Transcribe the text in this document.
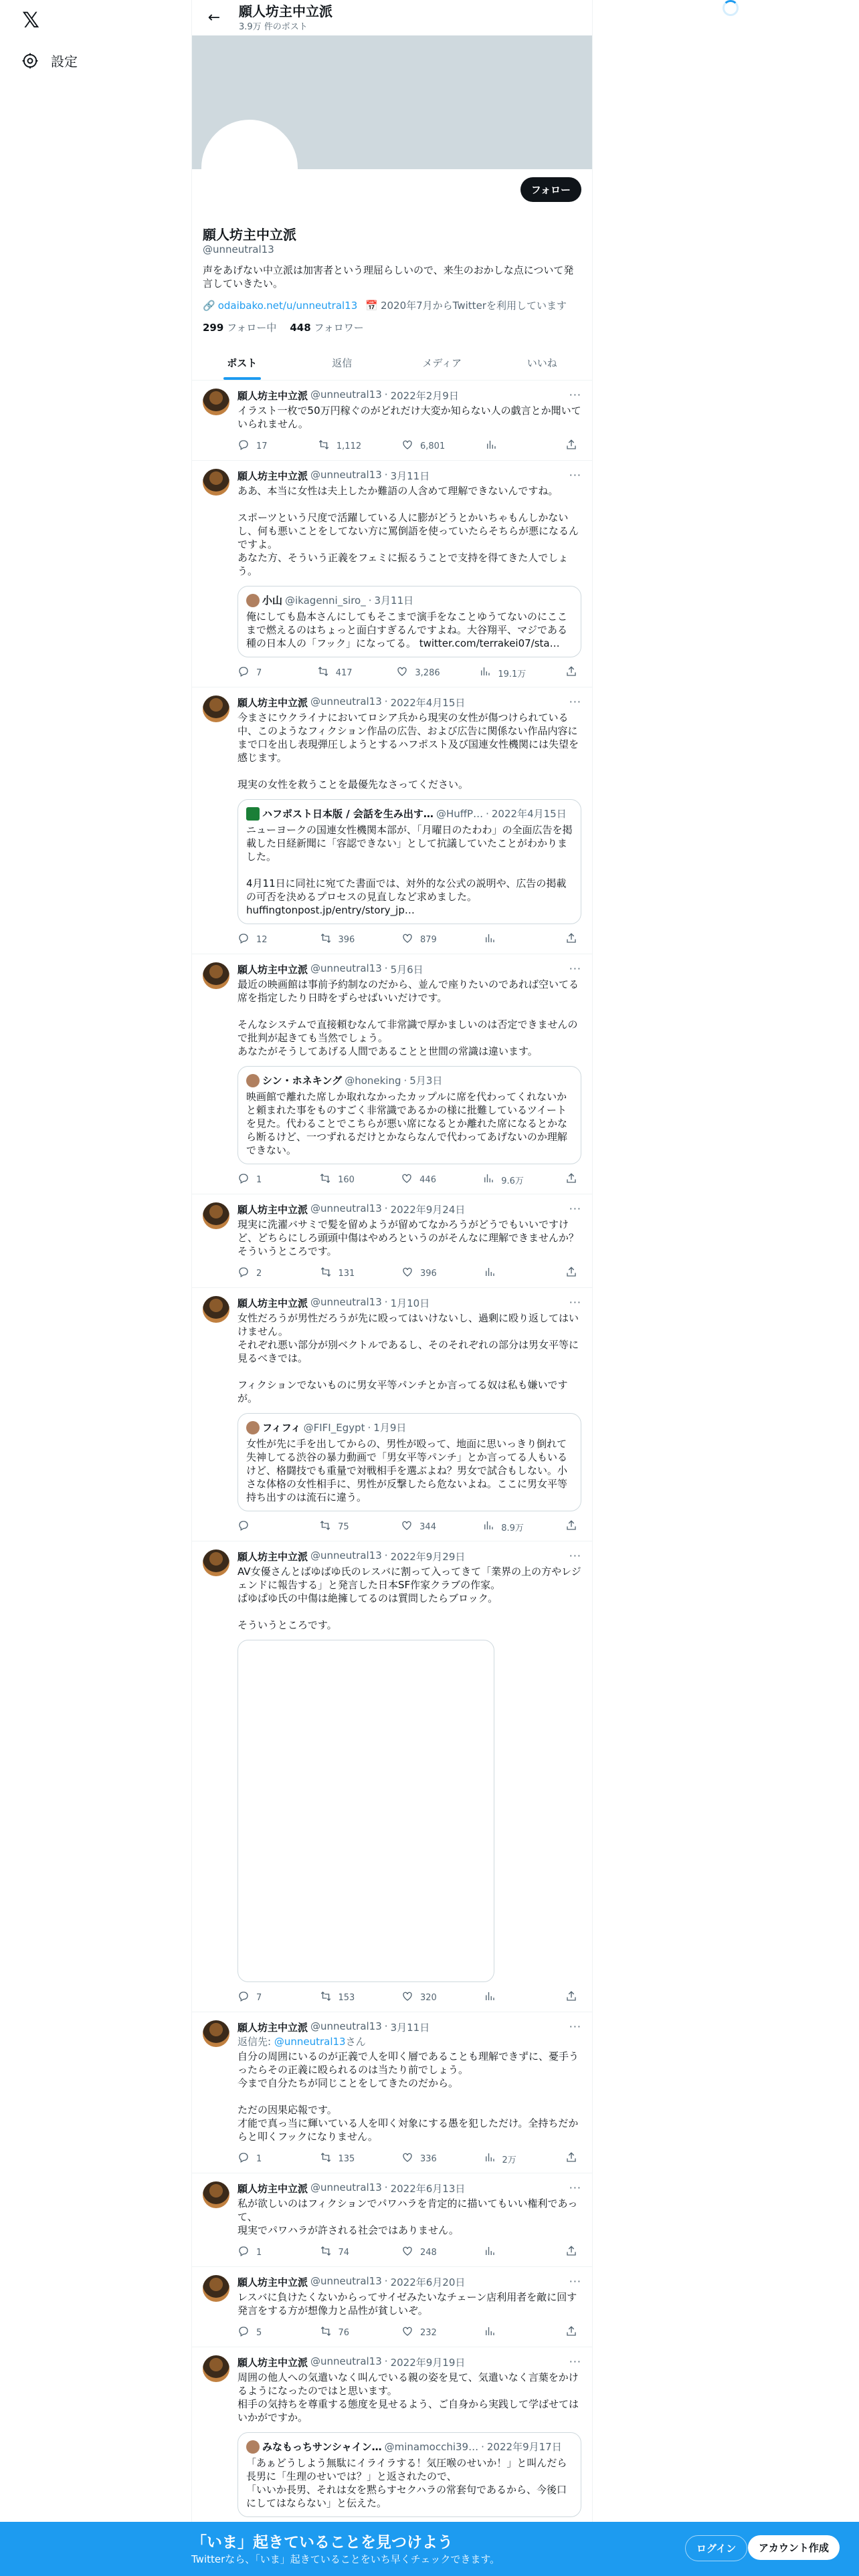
𝕏
設定
←	願人坊主中立派
3.9万 件のポスト
フォロー
願人坊主中立派
@unneutral13
声をあげない中立派は加害者という理屈らしいので、来生のおかしな点について発言していきたい。
🔗 odaibako.net/u/unneutral13 📅 2020年7月からTwitterを利用しています
299 フォロー中 448 フォロワー
ポスト	返信	メディア	いいね
願人坊主中立派 @unneutral13 · 2022年2月9日
イラスト一枚で50万円稼ぐのがどれだけ大変か知らない人の戯言とか聞いていられません。
17	1,112	6,801
···
願人坊主中立派 @unneutral13 · 3月11日
ああ、本当に女性は夫上したか難語の人含めて理解できないんですね。

スポーツという尺度で活躍している人に膨がどうとかいちゃもんしかない し、何も悪いことをしてない方に罵倒語を使っていたらそちらが悪になるん ですよ。
あなた方、そういう正義をフェミに振るうことで支持を得てきた人でしょう。
小山 @ikagenni_siro_ · 3月11日
俺にしても島本さんにしてもそこまで演手をなことゆうてないのにここまで燃えるのはちょっと面白すぎるんですよね。大谷翔平、マジである種の日本人の「フック」になってる。 twitter.com/terrakei07/sta…
7	417	3,286	19.1万
···
願人坊主中立派 @unneutral13 · 2022年4月15日
今まさにウクライナにおいてロシア兵から現実の女性が傷つけられている中、このようなフィクション作品の広告、および広告に関係ない作品内容にまで口を出し表現弾圧しようとするハフポスト及び国連女性機関には失望を感じます。

現実の女性を救うことを最優先なさってください。
ハフポスト日本版 / 会話を生み出す… @HuffP… · 2022年4月15日
ニューヨークの国連女性機関本部が、「月曜日のたわわ」の全面広告を掲載した日経新聞に「容認できない」として抗議していたことがわかりました。

4月11日に同社に宛てた書面では、対外的な公式の説明や、広告の掲載の可否を決めるプロセスの見直しなど求めました。
huffingtonpost.jp/entry/story_jp…
12	396	879
···
願人坊主中立派 @unneutral13 · 5月6日
最近の映画館は事前予約制なのだから、並んで座りたいのであれば空いてる席を指定したり日時をずらせばいいだけです。

そんなシステムで直接頼むなんて非常識で厚かましいのは否定できませんので批判が起きても当然でしょう。
あなたがそうしてあげる人間であることと世間の常識は違います。
シン・ホネキング @honeking · 5月3日
映画館で離れた席しか取れなかったカップルに席を代わってくれないかと頼まれた事をものすごく非常識であるかの様に批難しているツイートを見た。代わることでこちらが悪い席になるとか離れた席になるとかなら断るけど、一つずれるだけとかならなんで代わってあげないのか理解できない。
1	160	446	9.6万
···
願人坊主中立派 @unneutral13 · 2022年9月24日
現実に洗濯バサミで髪を留めようが留めてなかろうがどうでもいいですけど、どちらにしろ頭頭中傷はやめろというのがそんなに理解できませんか？
そういうところです。
2	131	396
···
願人坊主中立派 @unneutral13 · 1月10日
女性だろうが男性だろうが先に殴ってはいけないし、過剰に殴り返してはいけません。
それぞれ悪い部分が別ベクトルであるし、そのそれぞれの部分は男女平等に見るべきでは。

フィクションでないものに男女平等パンチとか言ってる奴は私も嫌いですが。
フィフィ @FIFI_Egypt · 1月9日
女性が先に手を出してからの、男性が殴って、地面に思いっきり倒れて失神してる渋谷の暴力動画で「男女平等パンチ」とか言ってる人もいるけど、格闘技でも重量で対戦相手を選ぶよね？男女で試合もしない。小さな体格の女性相手に、男性が反撃したら危ないよね。ここに男女平等持ち出すのは流石に違う。
75	344	8.9万
···
願人坊主中立派 @unneutral13 · 2022年9月29日
AV女優さんとばゆばゆ氏のレスバに割って入ってきて「業界の上の方やレジェンドに報告する」と発言した日本SF作家クラブの作家。
ぱゆぱゆ氏の中傷は絶擁してるのは質問したらブロック。

そういうところです。
7	153	320
···
願人坊主中立派 @unneutral13 · 3月11日
返信先: @unneutral13さん
自分の周囲にいるのが正義で人を叩く層であることも理解できずに、憂手うったらその正義に殴られるのは当たり前でしょう。
今まで自分たちが同じことをしてきたのだから。

ただの因果応報です。
才能で真っ当に輝いている人を叩く対象にする愚を犯しただけ。全持ちだからと叩くフックになりません。
1	135	336	2万
···
願人坊主中立派 @unneutral13 · 2022年6月13日
私が欲しいのはフィクションでパワハラを肯定的に描いてもいい権利であって、
現実でパワハラが許される社会ではありません。
1	74	248
···
願人坊主中立派 @unneutral13 · 2022年6月20日
レスバに負けたくないからってサイゼみたいなチェーン店利用者を敵に回す発言をする方が想像力と品性が貧しいぞ。
5	76	232
···
願人坊主中立派 @unneutral13 · 2022年9月19日
周囲の他人への気遣いなく叫んでいる親の姿を見て、気遣いなく言葉をかけるようになったのではと思います。
相手の気持ちを尊重する態度を見せるよう、ご自身から実践して学ばせてはいかがですか。
みなもっちサンシャイン… @minamocchi39… · 2022年9月17日
「あぁどうしよう無駄にイライラする！気圧喉のせいか！」と叫んだら長男に「生理のせいでは？」と返されたので、
「いいか長男、それは女を黙らすセクハラの常套句であるから、今後口にしてはならない」と伝えた。
···
「いま」起きていることを見つけよう
Twitterなら、「いま」起きていることをいち早くチェックできます。
ログイン	アカウント作成
